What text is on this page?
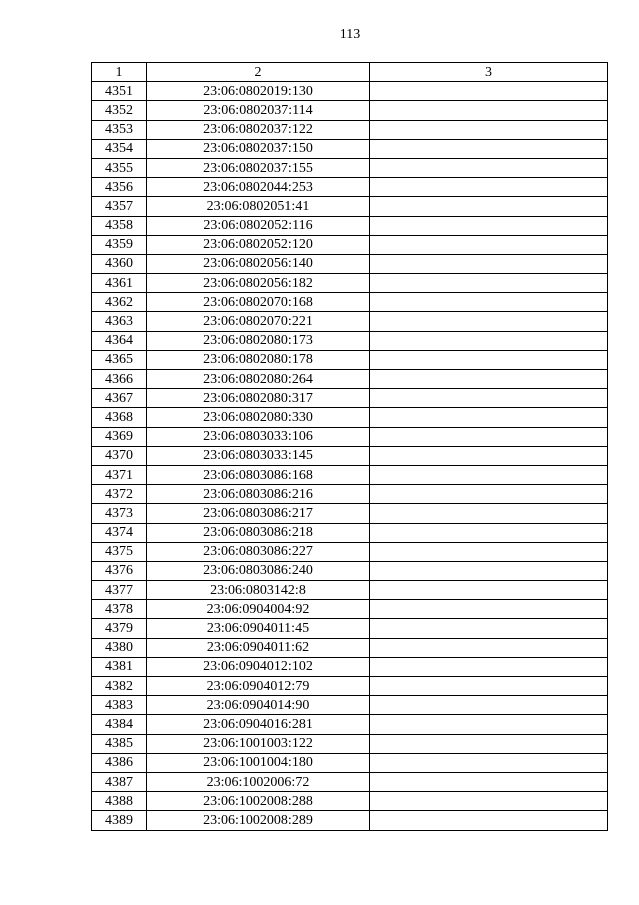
113
1	2	3
4351	23:06:0802019:130	
4352	23:06:0802037:114	
4353	23:06:0802037:122	
4354	23:06:0802037:150	
4355	23:06:0802037:155	
4356	23:06:0802044:253	
4357	23:06:0802051:41	
4358	23:06:0802052:116	
4359	23:06:0802052:120	
4360	23:06:0802056:140	
4361	23:06:0802056:182	
4362	23:06:0802070:168	
4363	23:06:0802070:221	
4364	23:06:0802080:173	
4365	23:06:0802080:178	
4366	23:06:0802080:264	
4367	23:06:0802080:317	
4368	23:06:0802080:330	
4369	23:06:0803033:106	
4370	23:06:0803033:145	
4371	23:06:0803086:168	
4372	23:06:0803086:216	
4373	23:06:0803086:217	
4374	23:06:0803086:218	
4375	23:06:0803086:227	
4376	23:06:0803086:240	
4377	23:06:0803142:8	
4378	23:06:0904004:92	
4379	23:06:0904011:45	
4380	23:06:0904011:62	
4381	23:06:0904012:102	
4382	23:06:0904012:79	
4383	23:06:0904014:90	
4384	23:06:0904016:281	
4385	23:06:1001003:122	
4386	23:06:1001004:180	
4387	23:06:1002006:72	
4388	23:06:1002008:288	
4389	23:06:1002008:289	
